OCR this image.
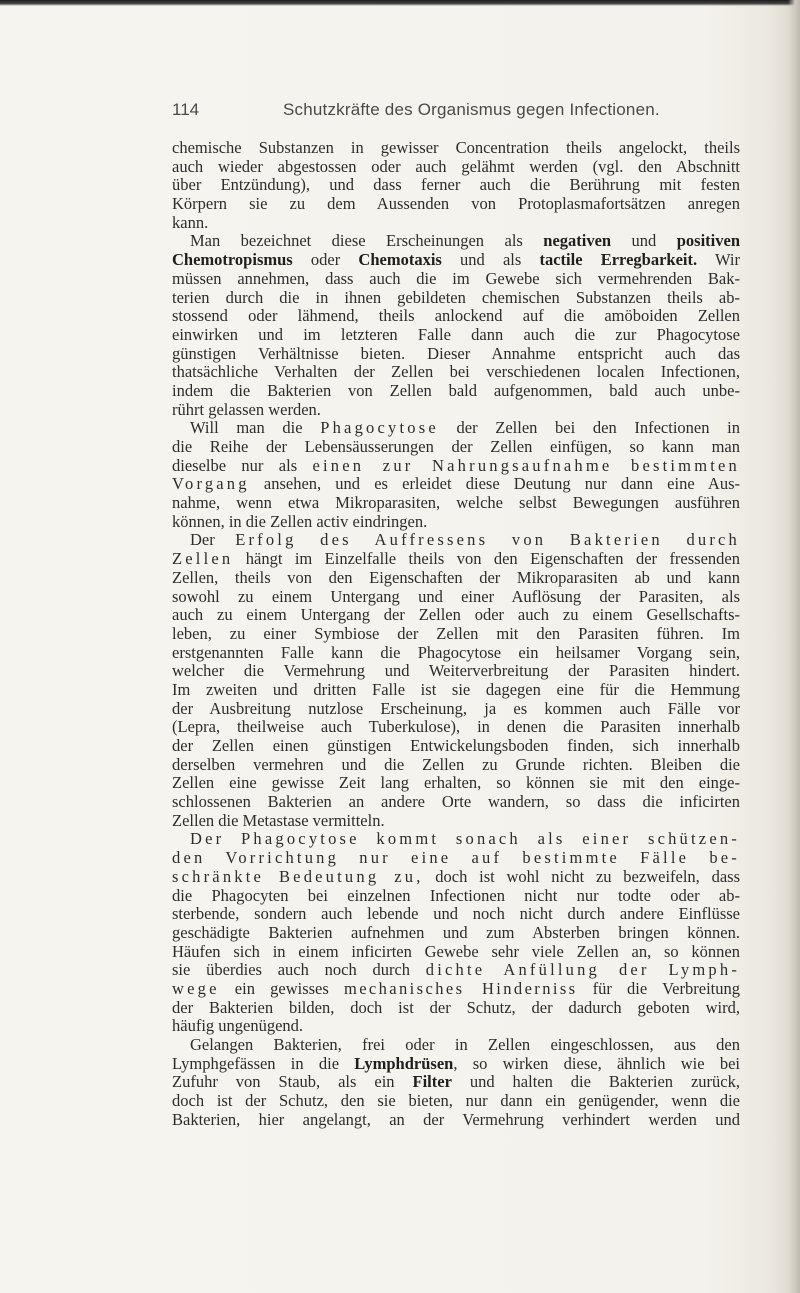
114	Schutzkräfte des Organismus gegen Infectionen.
chemische Substanzen in gewisser Concentration theils angelockt, theils
auch wieder abgestossen oder auch gelähmt werden (vgl. den Abschnitt
über Entzündung), und dass ferner auch die Berührung mit festen
Körpern sie zu dem Aussenden von Protoplasmafortsätzen anregen
kann.
Man bezeichnet diese Erscheinungen als negativen und positiven
Chemotropismus oder Chemotaxis und als tactile Erregbarkeit. Wir
müssen annehmen, dass auch die im Gewebe sich vermehrenden Bak-
terien durch die in ihnen gebildeten chemischen Substanzen theils ab-
stossend oder lähmend, theils anlockend auf die amöboiden Zellen
einwirken und im letzteren Falle dann auch die zur Phagocytose
günstigen Verhältnisse bieten. Dieser Annahme entspricht auch das
thatsächliche Verhalten der Zellen bei verschiedenen localen Infectionen,
indem die Bakterien von Zellen bald aufgenommen, bald auch unbe-
rührt gelassen werden.
Will man die Phagocytose der Zellen bei den Infectionen in
die Reihe der Lebensäusserungen der Zellen einfügen, so kann man
dieselbe nur als einen zur Nahrungsaufnahme bestimmten
Vorgang ansehen, und es erleidet diese Deutung nur dann eine Aus-
nahme, wenn etwa Mikroparasiten, welche selbst Bewegungen ausführen
können, in die Zellen activ eindringen.
Der Erfolg des Auffressens von Bakterien durch
Zellen hängt im Einzelfalle theils von den Eigenschaften der fressenden
Zellen, theils von den Eigenschaften der Mikroparasiten ab und kann
sowohl zu einem Untergang und einer Auflösung der Parasiten, als
auch zu einem Untergang der Zellen oder auch zu einem Gesellschafts-
leben, zu einer Symbiose der Zellen mit den Parasiten führen. Im
erstgenannten Falle kann die Phagocytose ein heilsamer Vorgang sein,
welcher die Vermehrung und Weiterverbreitung der Parasiten hindert.
Im zweiten und dritten Falle ist sie dagegen eine für die Hemmung
der Ausbreitung nutzlose Erscheinung, ja es kommen auch Fälle vor
(Lepra, theilweise auch Tuberkulose), in denen die Parasiten innerhalb
der Zellen einen günstigen Entwickelungsboden finden, sich innerhalb
derselben vermehren und die Zellen zu Grunde richten. Bleiben die
Zellen eine gewisse Zeit lang erhalten, so können sie mit den einge-
schlossenen Bakterien an andere Orte wandern, so dass die inficirten
Zellen die Metastase vermitteln.
Der Phagocytose kommt sonach als einer schützen-
den Vorrichtung nur eine auf bestimmte Fälle be-
schränkte Bedeutung zu, doch ist wohl nicht zu bezweifeln, dass
die Phagocyten bei einzelnen Infectionen nicht nur todte oder ab-
sterbende, sondern auch lebende und noch nicht durch andere Einflüsse
geschädigte Bakterien aufnehmen und zum Absterben bringen können.
Häufen sich in einem inficirten Gewebe sehr viele Zellen an, so können
sie überdies auch noch durch dichte Anfüllung der Lymph-
wege ein gewisses mechanisches Hinderniss für die Verbreitung
der Bakterien bilden, doch ist der Schutz, der dadurch geboten wird,
häufig ungenügend.
Gelangen Bakterien, frei oder in Zellen eingeschlossen, aus den
Lymphgefässen in die Lymphdrüsen, so wirken diese, ähnlich wie bei
Zufuhr von Staub, als ein Filter und halten die Bakterien zurück,
doch ist der Schutz, den sie bieten, nur dann ein genügender, wenn die
Bakterien, hier angelangt, an der Vermehrung verhindert werden und
